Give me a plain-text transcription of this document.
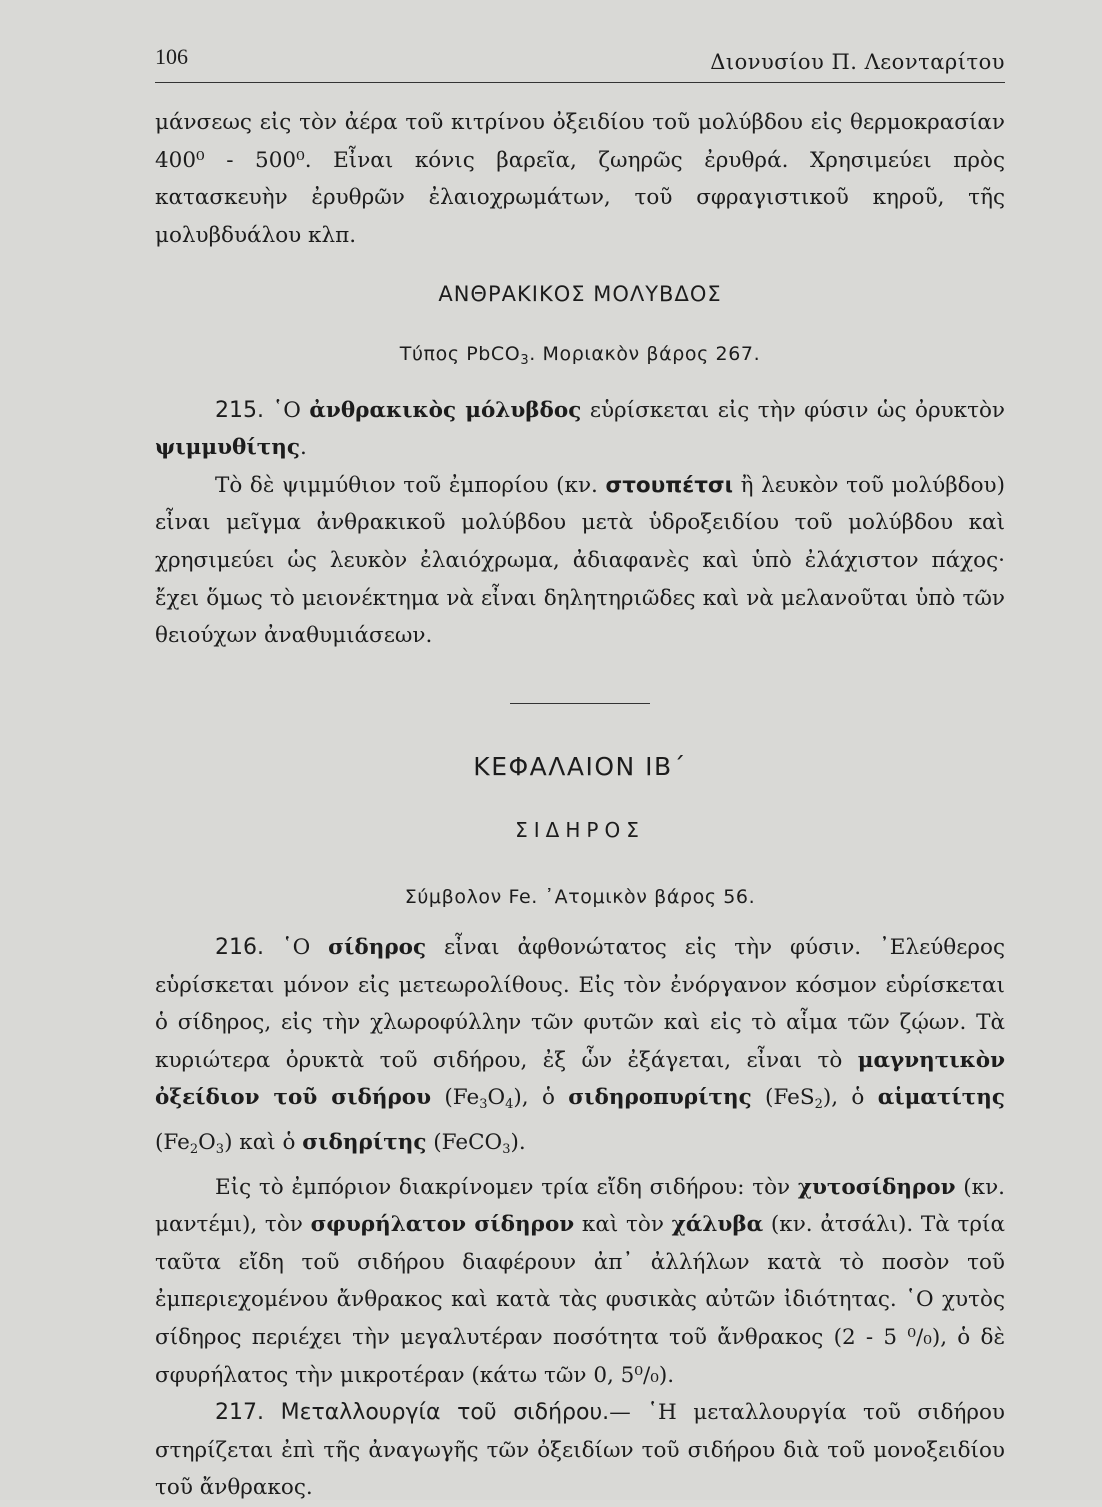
106	Διονυσίου Π. Λεονταρίτου

μάνσεως εἰς τὸν ἀέρα τοῦ κιτρίνου ὀξειδίου τοῦ μολύβδου εἰς θερμοκρασίαν 400⁰ - 500⁰. Εἶναι κόνις βαρεῖα, ζωηρῶς ἐρυθρά. Χρησιμεύει πρὸς κατασκευὴν ἐρυθρῶν ἐλαιοχρωμάτων, τοῦ σφραγιστικοῦ κηροῦ, τῆς μολυβδυάλου κλπ.

ΑΝΘΡΑΚΙΚΟΣ ΜΟΛΥΒΔΟΣ

Τύπος PbCO$_3$. Μοριακὸν βάρος 267.

215. ῾Ο ἀνθρακικὸς μόλυβδος εὑρίσκεται εἰς τὴν φύσιν ὡς ὀρυκτὸν ψιμμυθίτης.

Τὸ δὲ ψιμμύθιον τοῦ ἐμπορίου (κν. στουπέτσι ἢ λευκὸν τοῦ μολύβδου) εἶναι μεῖγμα ἀνθρακικοῦ μολύβδου μετὰ ὑδροξειδίου τοῦ μολύβδου καὶ χρησιμεύει ὡς λευκὸν ἐλαιόχρωμα, ἀδιαφανὲς καὶ ὑπὸ ἐλάχιστον πάχος· ἔχει ὅμως τὸ μειονέκτημα νὰ εἶναι δηλητηριῶδες καὶ νὰ μελανοῦται ὑπὸ τῶν θειούχων ἀναθυμιάσεων.

ΚΕΦΑΛΑΙΟΝ ΙΒ΄

ΣΙΔΗΡΟΣ

Σύμβολον Fe. ᾿Ατομικὸν βάρος 56.

216. ῾Ο σίδηρος εἶναι ἀφθονώτατος εἰς τὴν φύσιν. ᾿Ελεύθερος εὑρίσκεται μόνον εἰς μετεωρολίθους. Εἰς τὸν ἐνόργανον κόσμον εὑρίσκεται ὁ σίδηρος, εἰς τὴν χλωροφύλλην τῶν φυτῶν καὶ εἰς τὸ αἷμα τῶν ζῴων. Τὰ κυριώτερα ὀρυκτὰ τοῦ σιδήρου, ἐξ ὧν ἐξάγεται, εἶναι τὸ μαγνητικὸν ὀξείδιον τοῦ σιδήρου $(Fe_3O_4)$, ὁ σιδηροπυρίτης (FeS$_2$), ὁ αἱματίτης $(Fe_2O_3)$ καὶ ὁ σιδηρίτης (FeCO$_3$).

Εἰς τὸ ἐμπόριον διακρίνομεν τρία εἴδη σιδήρου: τὸν χυτοσίδηρον (κν. μαντέμι), τὸν σφυρήλατον σίδηρον καὶ τὸν χάλυβα (κν. ἀτσάλι). Τὰ τρία ταῦτα εἴδη τοῦ σιδήρου διαφέρουν ἀπ᾽ ἀλλήλων κατὰ τὸ ποσὸν τοῦ ἐμπεριεχομένου ἄνθρακος καὶ κατὰ τὰς φυσικὰς αὐτῶν ἰδιότητας. ῾Ο χυτὸς σίδηρος περιέχει τὴν μεγαλυτέραν ποσότητα τοῦ ἄνθρακος (2 - 5 ⁰/₀), ὁ δὲ σφυρήλατος τὴν μικροτέραν (κάτω τῶν 0, 5⁰/₀).

217. Μεταλλουργία τοῦ σιδήρου.— ῾Η μεταλλουργία τοῦ σιδήρου στηρίζεται ἐπὶ τῆς ἀναγωγῆς τῶν ὀξειδίων τοῦ σιδήρου διὰ τοῦ μονοξειδίου τοῦ ἄνθρακος.
